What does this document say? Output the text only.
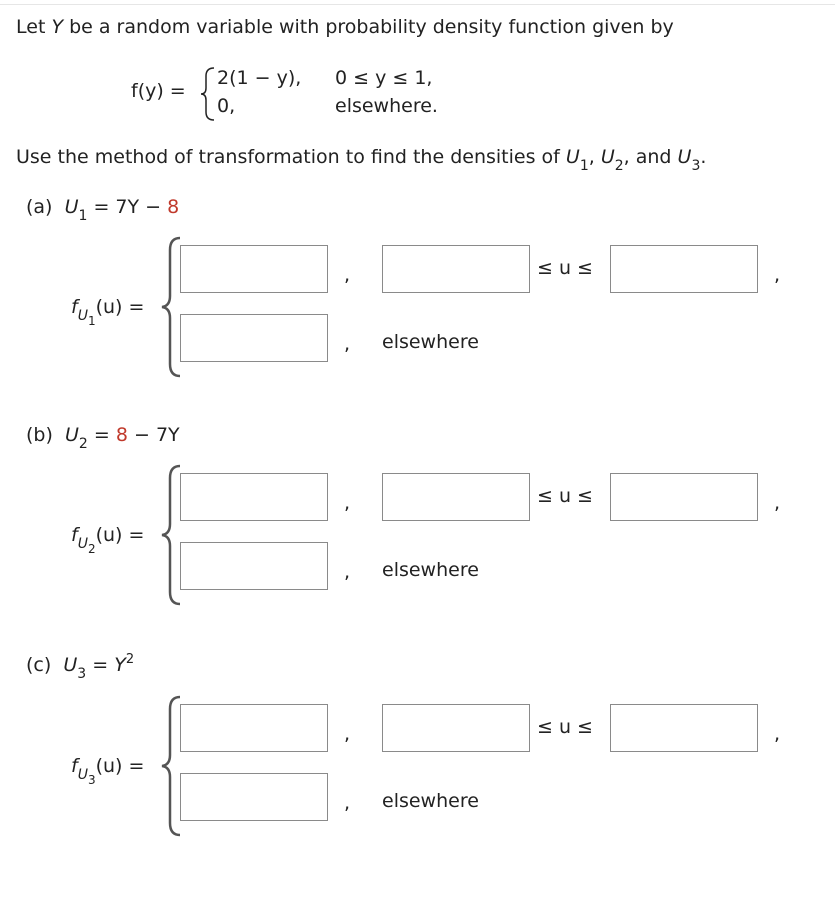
Let Y be a random variable with probability density function given by
f(y) =
2(1 − y), 0 ≤ y ≤ 1,
0,	elsewhere.
Use the method of transformation to find the densities of $U_1$, $U_2$, and $U_3$.
(a) $U_1 = 7Y - 8$
$f_{U1}(u)$ =
,	≤ u ≤	,
, elsewhere
(b) $U_2 = 8 - 7Y$
$f_{U2}(u)$ =
,	≤ u ≤	,
, elsewhere
(c) $U_3 = Y^2$
$f_{U3}(u)$ =
,	≤ u ≤	,
, elsewhere
